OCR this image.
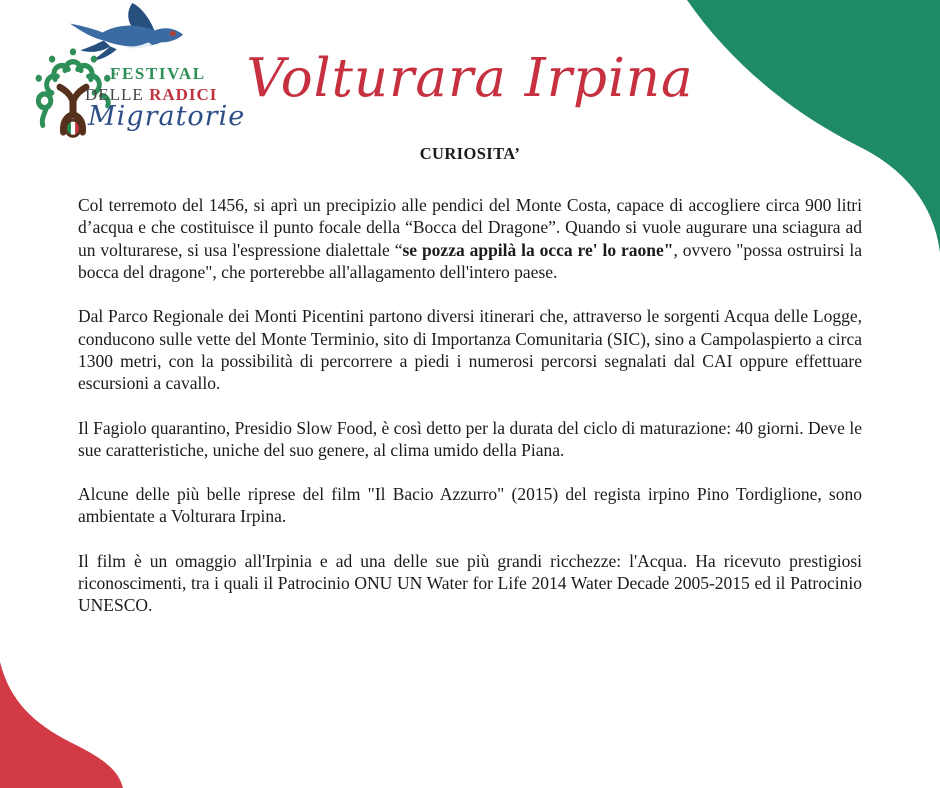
FESTIVAL
DELLE RADICI
Migratorie
Volturara Irpina
CURIOSITA’

Col terremoto del 1456, si aprì un precipizio alle pendici del Monte Costa, capace di accogliere circa 900 litri d’acqua e che costituisce il punto focale della “Bocca del Dragone”. Quando si vuole augurare una sciagura ad un volturarese, si usa l'espressione dialettale “se pozza appilà la occa re' lo raone", ovvero "possa ostruirsi la bocca del dragone", che porterebbe all'allagamento dell'intero paese.

Dal Parco Regionale dei Monti Picentini partono diversi itinerari che, attraverso le sorgenti Acqua delle Logge, conducono sulle vette del Monte Terminio, sito di Importanza Comunitaria (SIC), sino a Campolaspierto a circa 1300 metri, con la possibilità di percorrere a piedi i numerosi percorsi segnalati dal CAI oppure effettuare escursioni a cavallo.

Il Fagiolo quarantino, Presidio Slow Food, è così detto per la durata del ciclo di maturazione: 40 giorni. Deve le sue caratteristiche, uniche del suo genere, al clima umido della Piana.

Alcune delle più belle riprese del film "Il Bacio Azzurro" (2015) del regista irpino Pino Tordiglione, sono ambientate a Volturara Irpina.

Il film è un omaggio all'Irpinia e ad una delle sue più grandi ricchezze: l'Acqua. Ha ricevuto prestigiosi riconoscimenti, tra i quali il Patrocinio ONU UN Water for Life 2014 Water Decade 2005-2015 ed il Patrocinio UNESCO.
